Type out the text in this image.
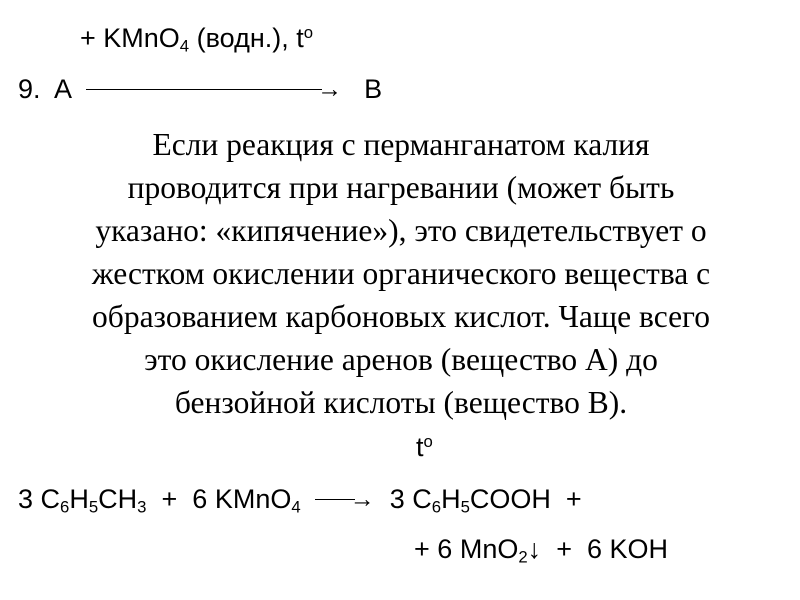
+ KMnO$_4$ (водн.), $t^o$
9. A	→ B
Если реакция с перманганатом калия
проводится при нагревании (может быть
указано: «кипячение»), это свидетельствует о
жестком окислении органического вещества с
образованием карбоновых кислот. Чаще всего
это окисление аренов (вещество А) до
бензойной кислоты (вещество В).
$t^o$
3 $C_6H_5CH_3 + 6$ KMnO$_4$ → 3 $C_6H_5COOH$ +
+ 6 MnO$_2$↓ + 6 KOH
